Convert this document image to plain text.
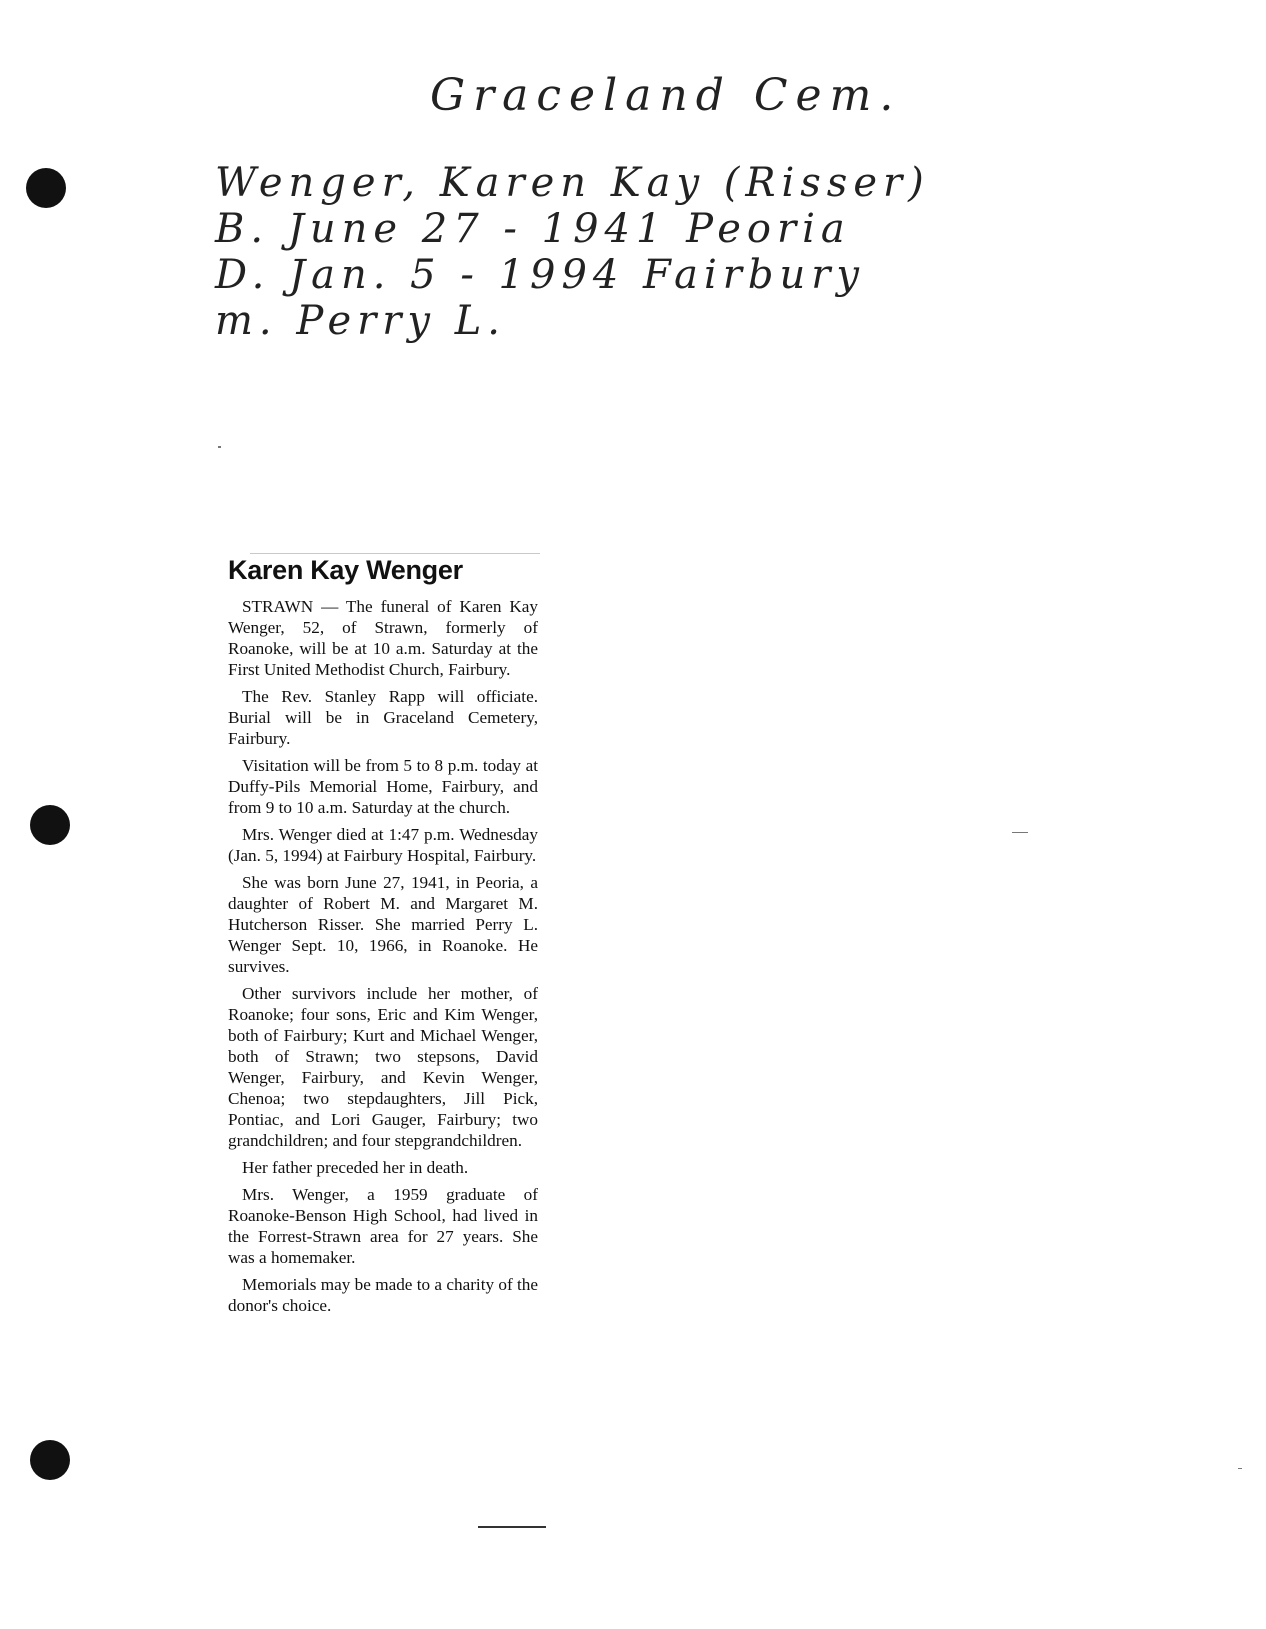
Graceland Cem.
Wenger, Karen Kay (Risser)
B. June 27 - 1941 Peoria
D. Jan. 5 - 1994 Fairbury
m. Perry L.
Karen Kay Wenger

STRAWN — The funeral of Karen Kay Wenger, 52, of Strawn, formerly of Roanoke, will be at 10 a.m. Saturday at the First United Methodist Church, Fairbury.

The Rev. Stanley Rapp will officiate. Burial will be in Graceland Cemetery, Fairbury.

Visitation will be from 5 to 8 p.m. today at Duffy-Pils Memorial Home, Fairbury, and from 9 to 10 a.m. Saturday at the church.

Mrs. Wenger died at 1:47 p.m. Wednesday (Jan. 5, 1994) at Fairbury Hospital, Fairbury.

She was born June 27, 1941, in Peoria, a daughter of Robert M. and Margaret M. Hutcherson Risser. She married Perry L. Wenger Sept. 10, 1966, in Roanoke. He survives.

Other survivors include her mother, of Roanoke; four sons, Eric and Kim Wenger, both of Fairbury; Kurt and Michael Wenger, both of Strawn; two stepsons, David Wenger, Fairbury, and Kevin Wenger, Chenoa; two stepdaughters, Jill Pick, Pontiac, and Lori Gauger, Fairbury; two grandchildren; and four stepgrandchildren.

Her father preceded her in death.

Mrs. Wenger, a 1959 graduate of Roanoke-Benson High School, had lived in the Forrest-Strawn area for 27 years. She was a homemaker.

Memorials may be made to a charity of the donor's choice.
